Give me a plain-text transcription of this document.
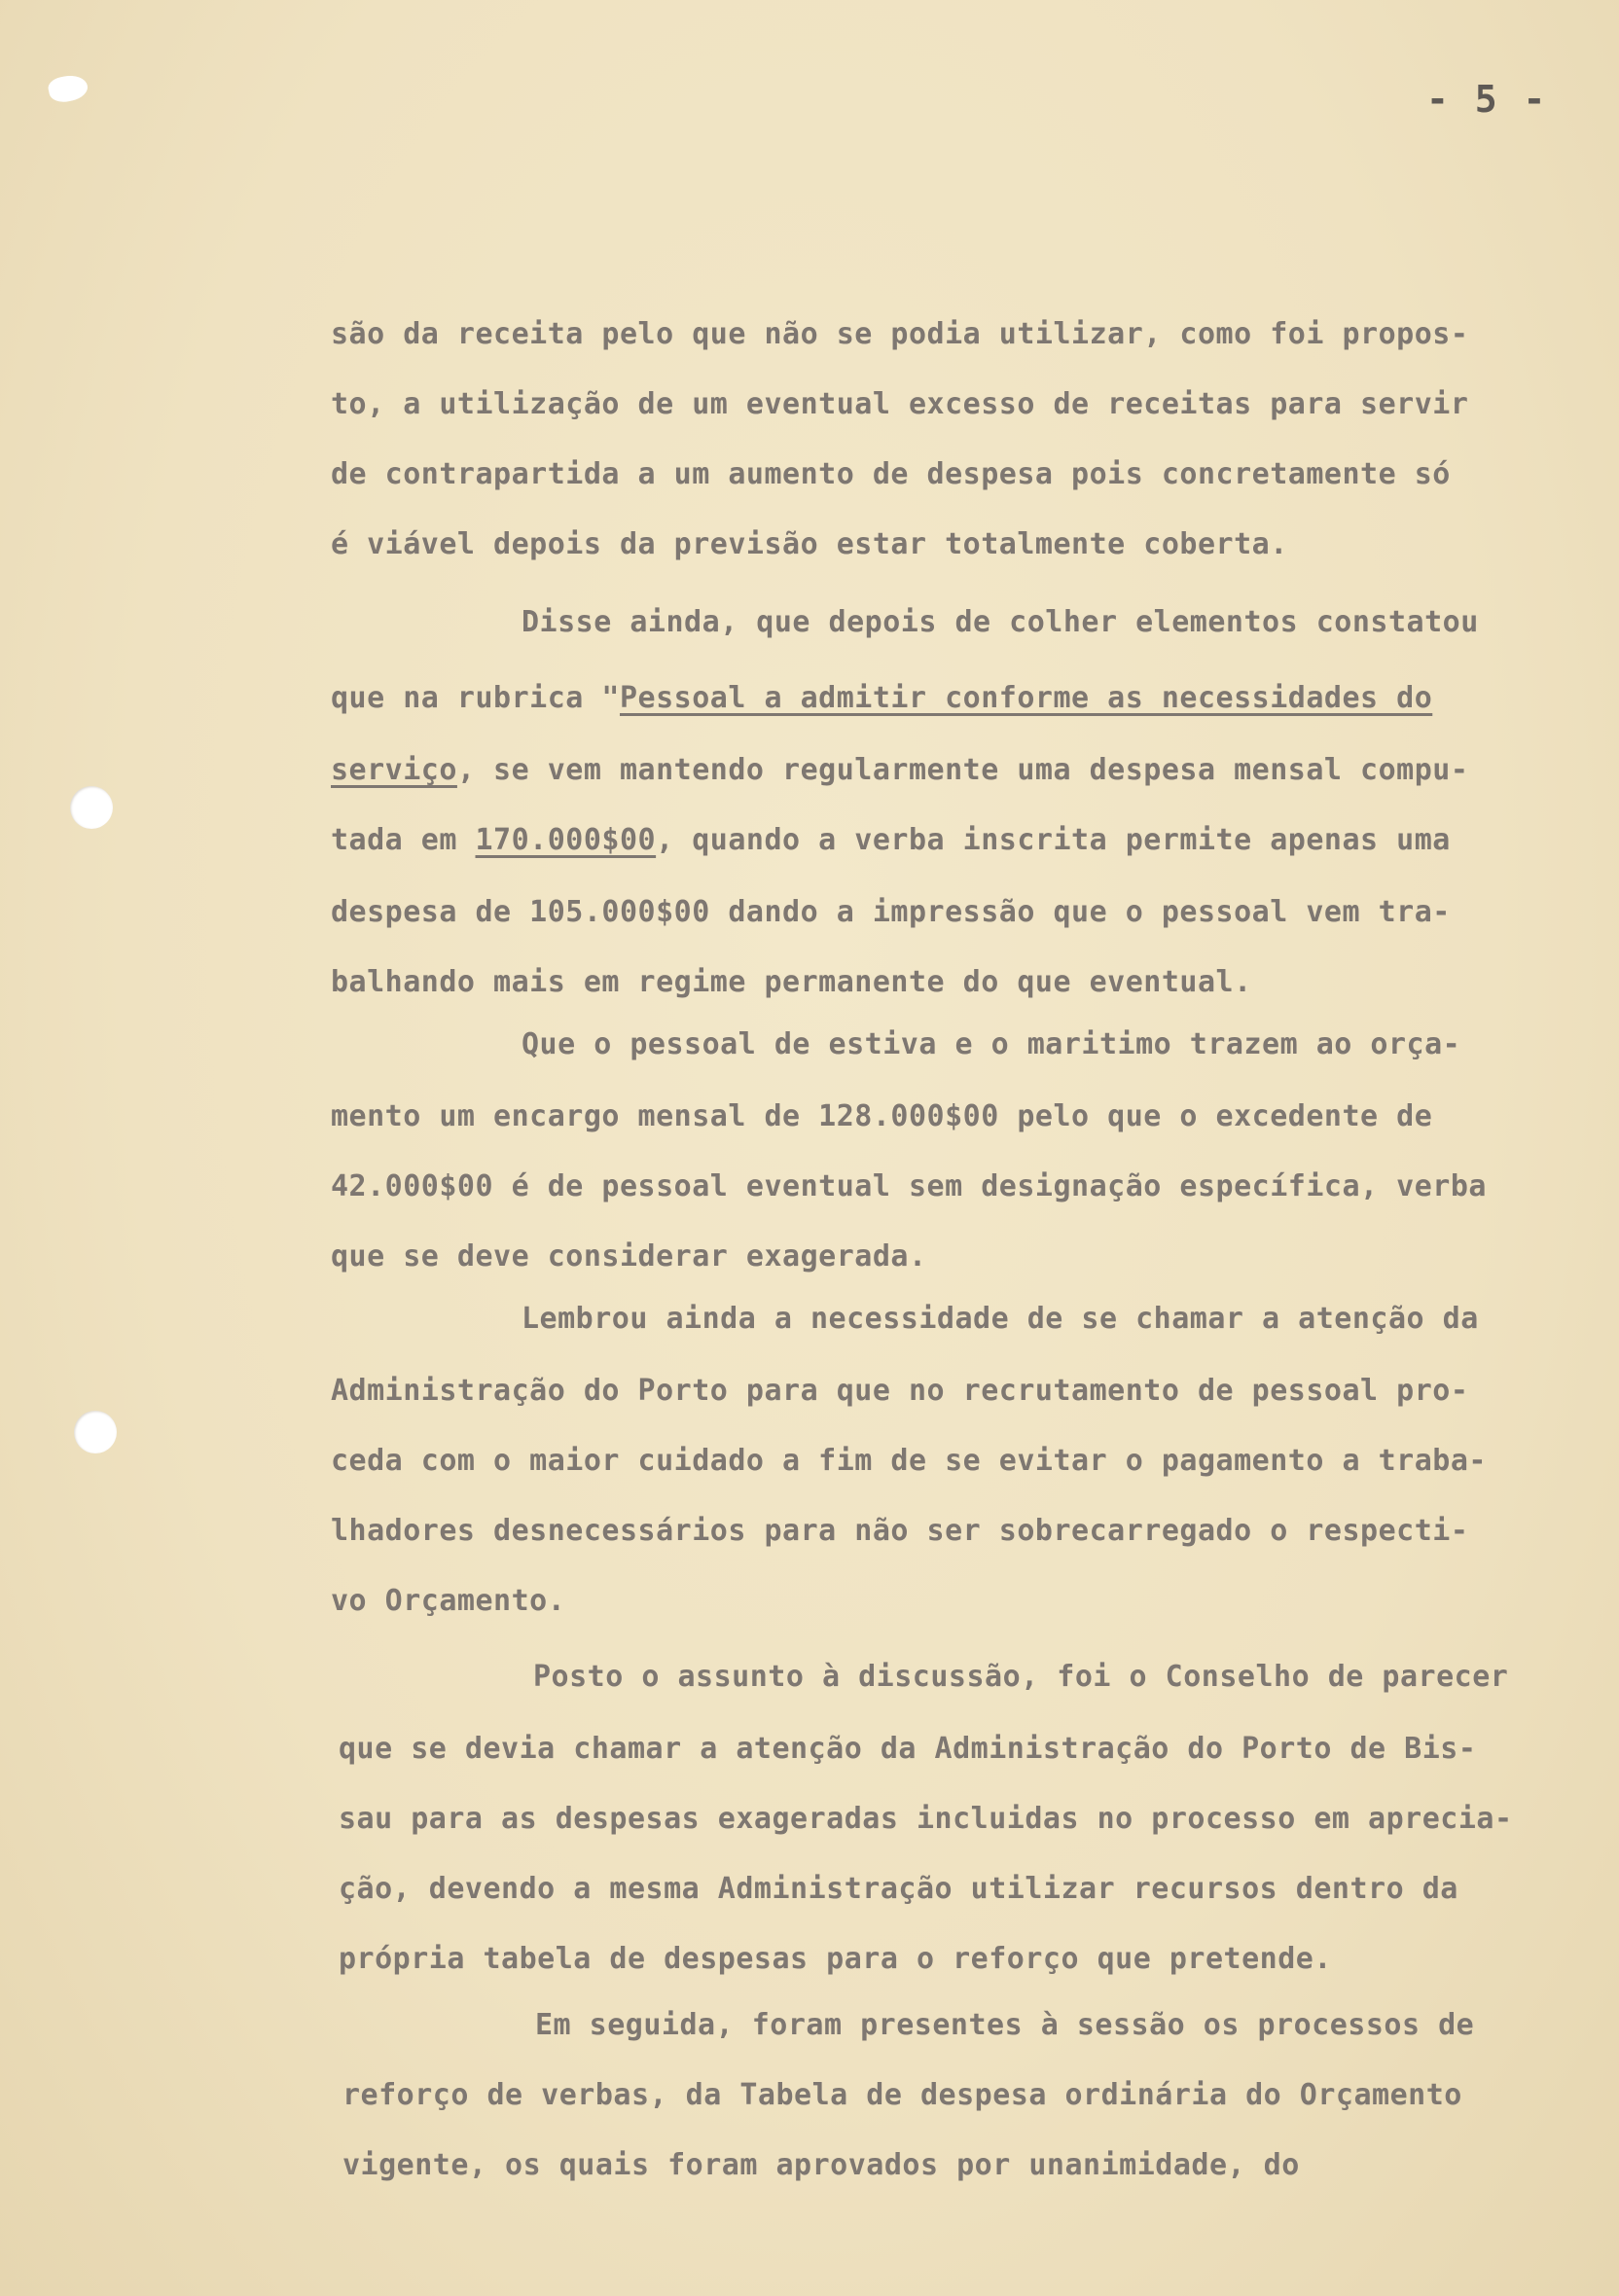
- 5 -
são da receita pelo que não se podia utilizar, como foi propos-
to, a utilização de um eventual excesso de receitas para servir
de contrapartida a um aumento de despesa pois concretamente só
é viável depois da previsão estar totalmente coberta.
Disse ainda, que depois de colher elementos constatou
que na rubrica "Pessoal a admitir conforme as necessidades do
serviço, se vem mantendo regularmente uma despesa mensal compu-
tada em 170.000$00, quando a verba inscrita permite apenas uma
despesa de 105.000$00 dando a impressão que o pessoal vem tra-
balhando mais em regime permanente do que eventual.
Que o pessoal de estiva e o maritimo trazem ao orça-
mento um encargo mensal de 128.000$00 pelo que o excedente de
42.000$00 é de pessoal eventual sem designação específica, verba
que se deve considerar exagerada.
Lembrou ainda a necessidade de se chamar a atenção da
Administração do Porto para que no recrutamento de pessoal pro-
ceda com o maior cuidado a fim de se evitar o pagamento a traba-
lhadores desnecessários para não ser sobrecarregado o respecti-
vo Orçamento.
Posto o assunto à discussão, foi o Conselho de parecer
que se devia chamar a atenção da Administração do Porto de Bis-
sau para as despesas exageradas incluidas no processo em aprecia-
ção, devendo a mesma Administração utilizar recursos dentro da
própria tabela de despesas para o reforço que pretende.
Em seguida, foram presentes à sessão os processos de
reforço de verbas, da Tabela de despesa ordinária do Orçamento
vigente, os quais foram aprovados por unanimidade, do
